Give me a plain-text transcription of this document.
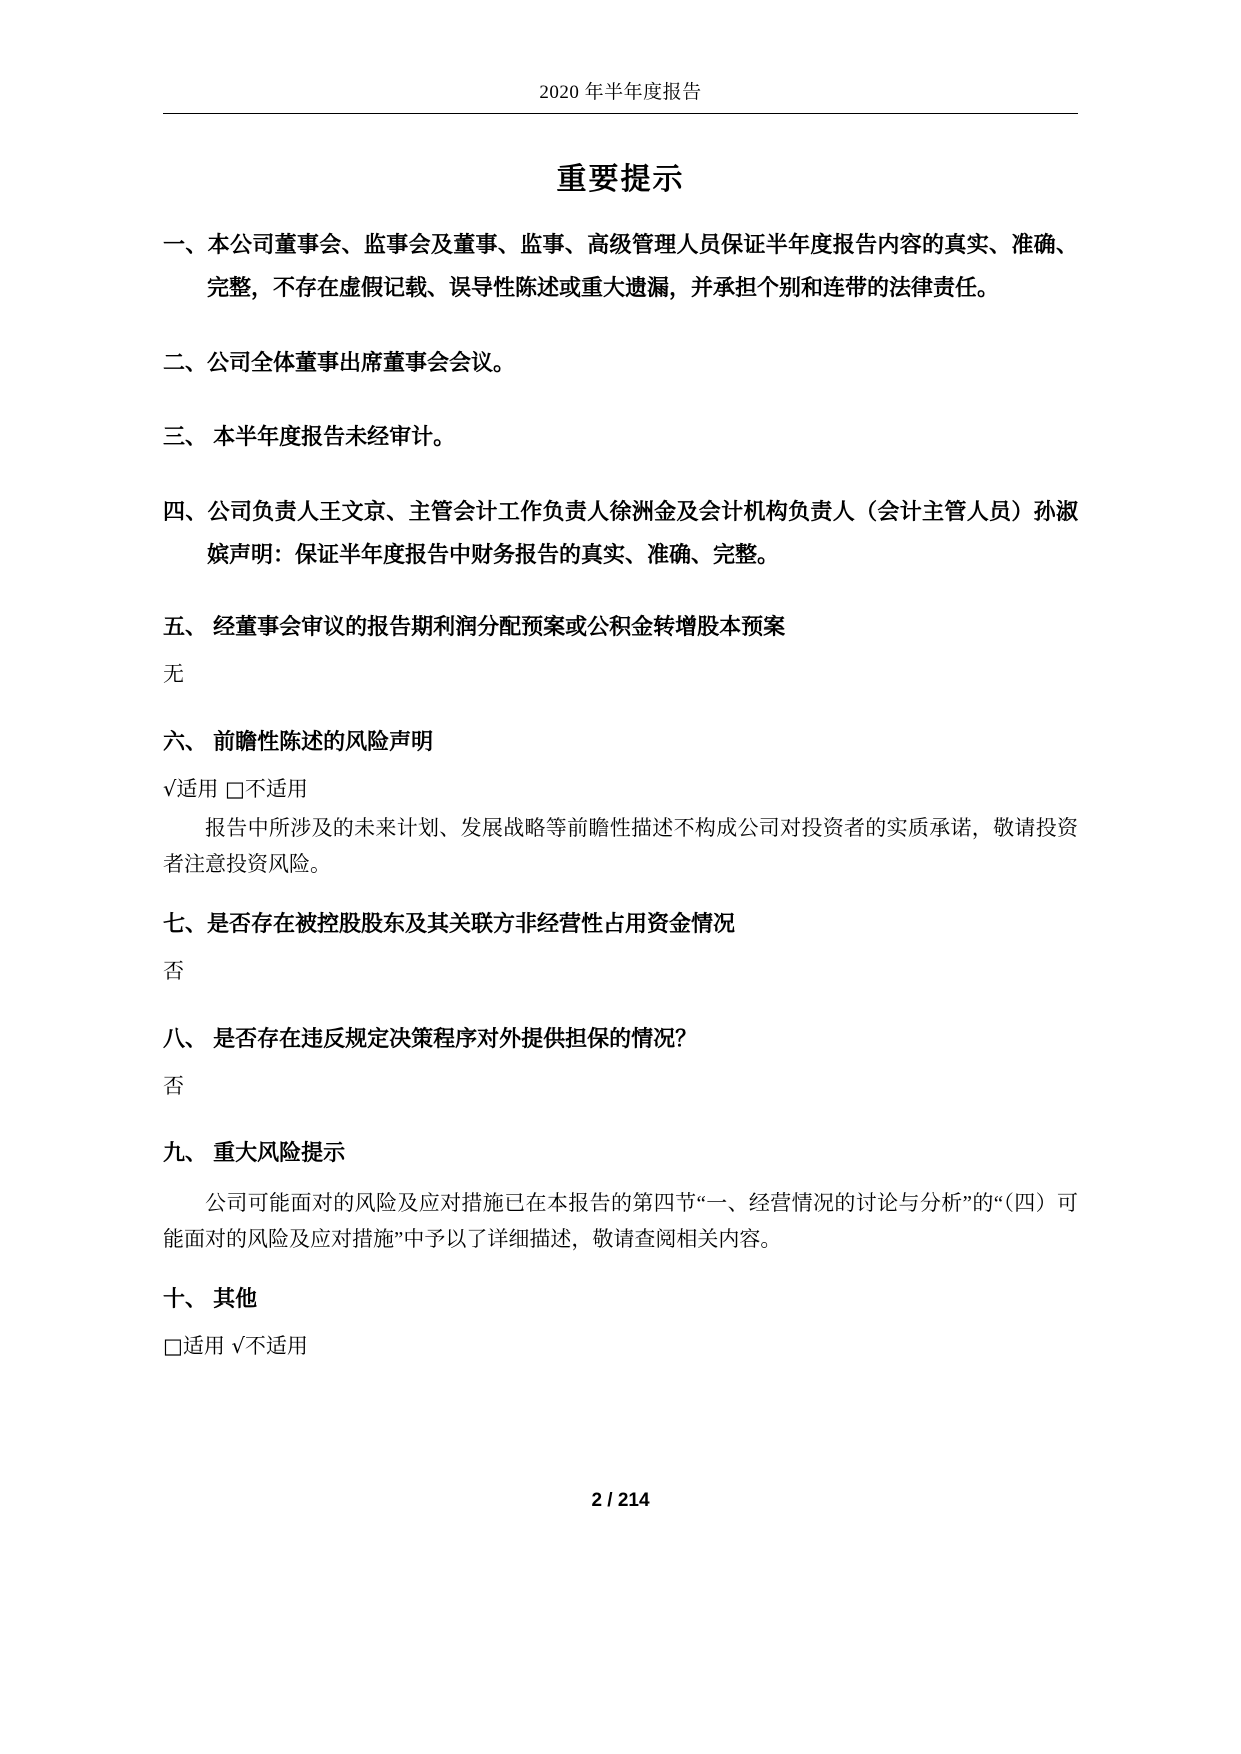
2020 年半年度报告
重要提示

一、本公司董事会、监事会及董事、监事、高级管理人员保证半年度报告内容的真实、准确、完整，不存在虚假记载、误导性陈述或重大遗漏，并承担个别和连带的法律责任。

二、公司全体董事出席董事会会议。

三、 本半年度报告未经审计。

四、公司负责人王文京、主管会计工作负责人徐洲金及会计机构负责人（会计主管人员）孙淑嫔声明：保证半年度报告中财务报告的真实、准确、完整。

五、 经董事会审议的报告期利润分配预案或公积金转增股本预案

无

六、 前瞻性陈述的风险声明

√适用 □不适用

报告中所涉及的未来计划、发展战略等前瞻性描述不构成公司对投资者的实质承诺，敬请投资者注意投资风险。

七、是否存在被控股股东及其关联方非经营性占用资金情况

否

八、 是否存在违反规定决策程序对外提供担保的情况？

否

九、 重大风险提示

公司可能面对的风险及应对措施已在本报告的第四节“一、经营情况的讨论与分析”的“（四）可能面对的风险及应对措施”中予以了详细描述，敬请查阅相关内容。

十、 其他

□适用 √不适用

2 / 214
